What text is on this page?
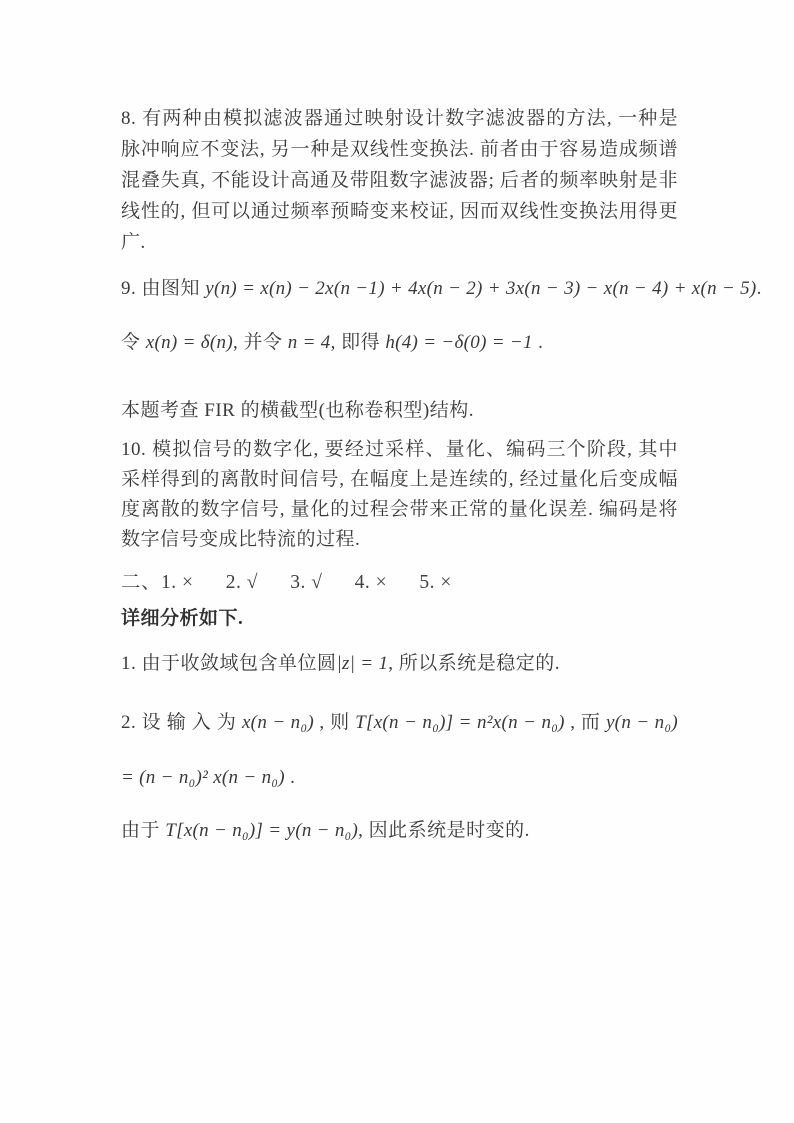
8. 有两种由模拟滤波器通过映射设计数字滤波器的方法, 一种是脉冲响应不变法, 另一种是双线性变换法. 前者由于容易造成频谱混叠失真, 不能设计高通及带阻数字滤波器; 后者的频率映射是非线性的, 但可以通过频率预畸变来校证, 因而双线性变换法用得更广.

9. 由图知 y(n) = x(n) − 2x(n −1) + 4x(n − 2) + 3x(n − 3) − x(n − 4) + x(n − 5).

令 x(n) = δ(n), 并令 n = 4, 即得 h(4) = −δ(0) = −1 .

本题考查 FIR 的横截型(也称卷积型)结构.

10. 模拟信号的数字化, 要经过采样、量化、编码三个阶段, 其中采样得到的离散时间信号, 在幅度上是连续的, 经过量化后变成幅度离散的数字信号, 量化的过程会带来正常的量化误差. 编码是将数字信号变成比特流的过程.

二、1. ×      2. √      3. √      4. ×      5. ×

详细分析如下.

1. 由于收敛域包含单位圆|z| = 1, 所以系统是稳定的.

2. 设 输 入 为 x(n − n₀) , 则 T[x(n − n₀)] = n²x(n − n₀) , 而 y(n − n₀)

= (n − n₀)² x(n − n₀) .

由于 T[x(n − n₀)] = y(n − n₀), 因此系统是时变的.
